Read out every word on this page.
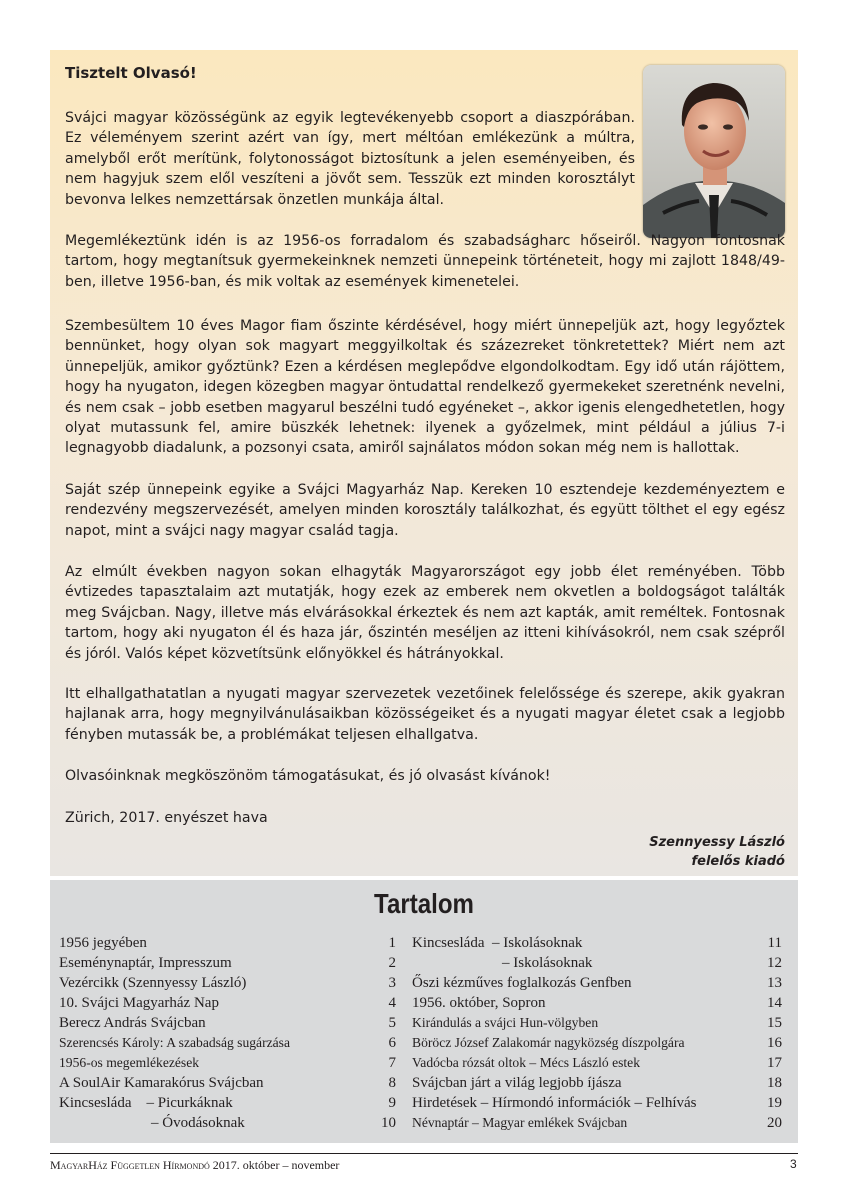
Tisztelt Olvasó!

Svájci magyar közösségünk az egyik legtevékenyebb csoport a diaszpórában. Ez véleményem szerint azért van így, mert méltóan emlékezünk a múltra, amelyből erőt merítünk, folytonosságot biztosítunk a jelen eseményeiben, és nem hagyjuk szem elől veszíteni a jövőt sem. Tesszük ezt minden korosztályt bevonva lelkes nemzettársak önzetlen munkája által.

Megemlékeztünk idén is az 1956-os forradalom és szabadságharc hőseiről. Nagyon fontosnak tartom, hogy megtanítsuk gyermekeinknek nemzeti ünnepeink történeteit, hogy mi zajlott 1848/49-ben, illetve 1956-ban, és mik voltak az események kimenetelei.

Szembesültem 10 éves Magor fiam őszinte kérdésével, hogy miért ünnepeljük azt, hogy legyőztek bennünket, hogy olyan sok magyart meggyilkoltak és százezreket tönkretettek? Miért nem azt ünnepeljük, amikor győztünk? Ezen a kérdésen meglepődve elgondolkodtam. Egy idő után rájöttem, hogy ha nyugaton, idegen közegben magyar öntudattal rendelkező gyermekeket szeretnénk nevelni, és nem csak – jobb esetben magyarul beszélni tudó egyéneket –, akkor igenis elengedhetetlen, hogy olyat mutassunk fel, amire büszkék lehetnek: ilyenek a győzelmek, mint például a július 7-i legnagyobb diadalunk, a pozsonyi csata, amiről sajnálatos módon sokan még nem is hallottak.

Saját szép ünnepeink egyike a Svájci Magyarház Nap. Kereken 10 esztendeje kezdeményeztem e rendezvény megszervezését, amelyen minden korosztály találkozhat, és együtt tölthet el egy egész napot, mint a svájci nagy magyar család tagja.

Az elmúlt években nagyon sokan elhagyták Magyarországot egy jobb élet reményében. Több évtizedes tapasztalaim azt mutatják, hogy ezek az emberek nem okvetlen a boldogságot találták meg Svájcban. Nagy, illetve más elvárásokkal érkeztek és nem azt kapták, amit reméltek. Fontosnak tartom, hogy aki nyugaton él és haza jár, őszintén meséljen az itteni kihívásokról, nem csak szépről és jóról. Valós képet közvetítsünk előnyökkel és hátrányokkal.

Itt elhallgathatatlan a nyugati magyar szervezetek vezetőinek felelőssége és szerepe, akik gyakran hajlanak arra, hogy megnyilvánulásaikban közösségeiket és a nyugati magyar életet csak a legjobb fényben mutassák be, a problémákat teljesen elhallgatva.

Olvasóinknak megköszönöm támogatásukat, és jó olvasást kívánok!

Zürich, 2017. enyészet hava

Szennyessy László
felelős kiadó
Tartalom
1956 jegyében	1
Eseménynaptár, Impresszum	2
Vezércikk (Szennyessy László)	3
10. Svájci Magyarház Nap	4
Berecz András Svájcban	5
Szerencsés Károly: A szabadság sugárzása	6
1956-os megemlékezések	7
A SoulAir Kamarakórus Svájcban	8
Kincsesláda    – Picurkáknak	9
– Óvodásoknak	10
Kincsesláda  – Iskolásoknak	11
– Iskolásoknak	12
Őszi kézműves foglalkozás Genfben	13
1956. október, Sopron	14
Kirándulás a svájci Hun-völgyben	15
Böröcz József Zalakomár nagyközség díszpolgára	16
Vadócba rózsát oltok – Mécs László estek	17
Svájcban járt a világ legjobb íjásza	18
Hirdetések – Hírmondó információk – Felhívás	19
Névnaptár – Magyar emlékek Svájcban	20
MagyarHáz Független Hírmondó 2017. október – november	3
